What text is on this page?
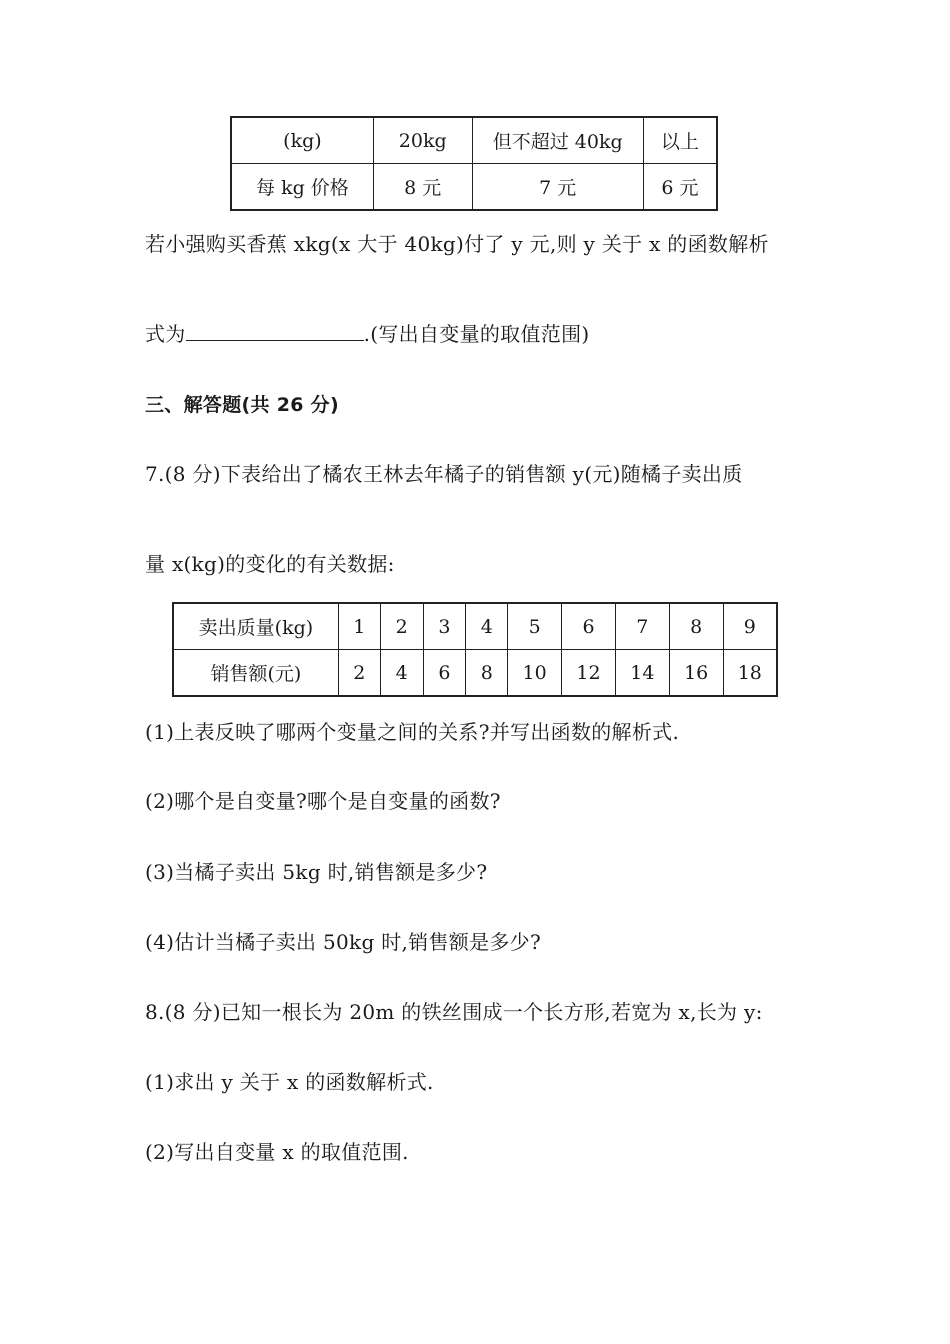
(kg)	20kg	但不超过 40kg	以上
每 kg 价格	8 元	7 元	6 元
若小强购买香蕉 xkg(x 大于 40kg)付了 y 元,则 y 关于 x 的函数解析
式为	.(写出自变量的取值范围)
三、解答题(共 26 分)
7.(8 分)下表给出了橘农王林去年橘子的销售额 y(元)随橘子卖出质
量 x(kg)的变化的有关数据:
卖出质量(kg)	1	2	3	4	5	6	7	8	9
销售额(元)	2	4	6	8	10	12	14	16	18
(1)上表反映了哪两个变量之间的关系?并写出函数的解析式.
(2)哪个是自变量?哪个是自变量的函数?
(3)当橘子卖出 5kg 时,销售额是多少?
(4)估计当橘子卖出 50kg 时,销售额是多少?
8.(8 分)已知一根长为 20m 的铁丝围成一个长方形,若宽为 x,长为 y:
(1)求出 y 关于 x 的函数解析式.
(2)写出自变量 x 的取值范围.
